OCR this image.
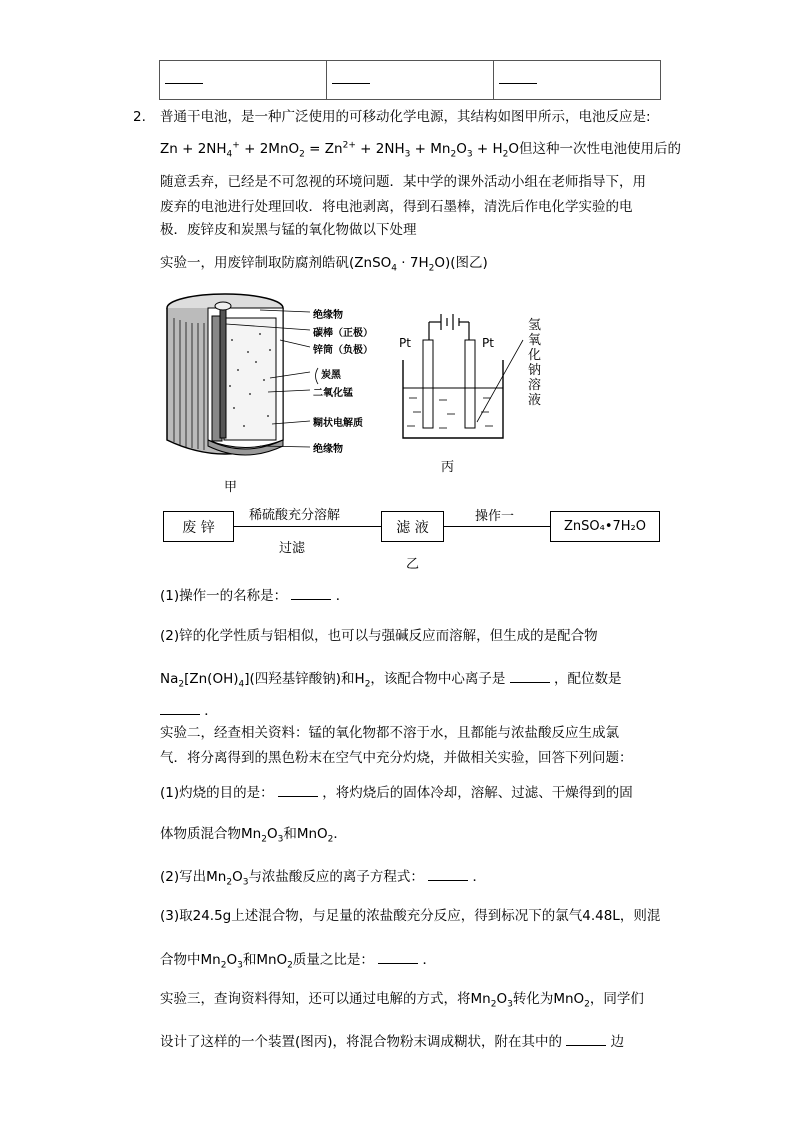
2. 普通干电池，是一种广泛使用的可移动化学电源，其结构如图甲所示，电池反应是:
$Zn + 2NH_4^+ + 2MnO_2 = Zn^{2+} + 2NH_3 + Mn_2O_3 + H_2O$但这种一次性电池使用后的
随意丢弃，已经是不可忽视的环境问题．某中学的课外活动小组在老师指导下，用
废弃的电池进行处理回收．将电池剥离，得到石墨棒，清洗后作电化学实验的电
极．废锌皮和炭黑与锰的氧化物做以下处理
实验一，用废锌制取防腐剂皓矾(ZnSO$_4$ · $7H_2O$)(图乙)
绝缘物
碳棒（正极）
锌筒（负极）
炭黑
二氧化锰
糊状电解质
绝缘物
甲
Pt	Pt
氢氧化钠溶液
丙
废 锌
稀硫酸充分溶解
过滤
滤 液
乙
操作一
ZnSO₄•7H₂O
(1)操作一的名称是：	．
(2)锌的化学性质与铝相似，也可以与强碱反应而溶解，但生成的是配合物
$Na_2[Zn(OH)_4]$(四羟基锌酸钠)和$H_2$，该配合物中心离子是	，配位数是
．
实验二，经查相关资料：锰的氧化物都不溶于水，且都能与浓盐酸反应生成氯
气．将分离得到的黑色粉末在空气中充分灼烧，并做相关实验，回答下列问题：
(1)灼烧的目的是：	，将灼烧后的固体冷却，溶解、过滤、干燥得到的固
体物质混合物$Mn_2O_3$和MnO$_2$．
(2)写出$Mn_2O_3$与浓盐酸反应的离子方程式：	．
(3)取24.5g上述混合物，与足量的浓盐酸充分反应，得到标况下的氯气4.48L，则混
合物中$Mn_2O_3$和MnO$_2$质量之比是：	．
实验三，查询资料得知，还可以通过电解的方式，将$Mn_2O_3$转化为MnO$_2$，同学们
设计了这样的一个装置(图丙)，将混合物粉末调成糊状，附在其中的	边
